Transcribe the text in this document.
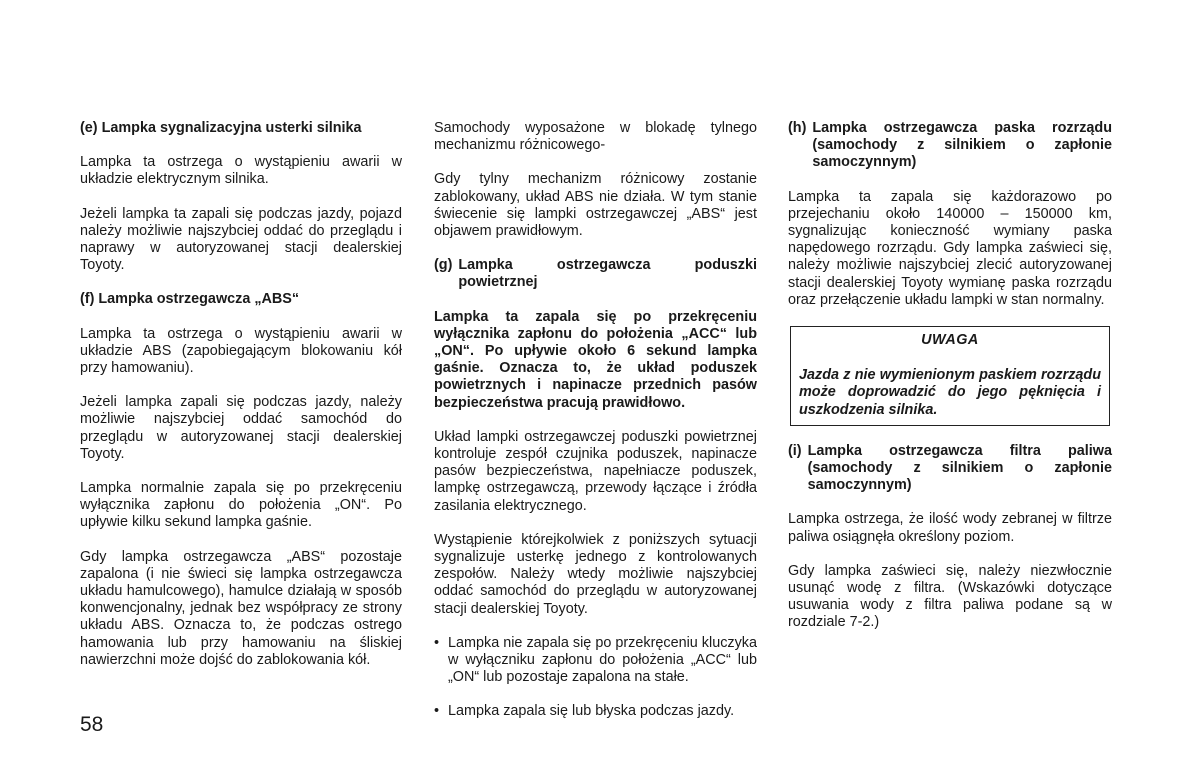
(e) Lampka sygnalizacyjna usterki silnika

Lampka ta ostrzega o wystąpieniu awarii w układzie elektrycznym silnika.

Jeżeli lampka ta zapali się podczas jazdy, pojazd należy możliwie najszybciej oddać do przeglądu i naprawy w autoryzowanej stacji dealerskiej Toyoty.

(f) Lampka ostrzegawcza „ABS“

Lampka ta ostrzega o wystąpieniu awarii w układzie ABS (zapobiegającym blokowaniu kół przy hamowaniu).

Jeżeli lampka zapali się podczas jazdy, należy możliwie najszybciej oddać samochód do przeglądu w autoryzowanej stacji dealerskiej Toyoty.

Lampka normalnie zapala się po przekręceniu wyłącznika zapłonu do położenia „ON“. Po upływie kilku sekund lampka gaśnie.

Gdy lampka ostrzegawcza „ABS“ pozostaje zapalona (i nie świeci się lampka ostrzegawcza układu hamulcowego), hamulce działają w sposób konwencjonalny, jednak bez współpracy ze strony układu ABS. Oznacza to, że podczas ostrego hamowania lub przy hamowaniu na śliskiej nawierzchni może dojść do zablokowania kół.

Samochody wyposażone w blokadę tylnego mechanizmu różnicowego-

Gdy tylny mechanizm różnicowy zostanie zablokowany, układ ABS nie działa. W tym stanie świecenie się lampki ostrzegawczej „ABS“ jest objawem prawidłowym.

(g) Lampka ostrzegawcza poduszki powietrznej

Lampka ta zapala się po przekręceniu wyłącznika zapłonu do położenia „ACC“ lub „ON“. Po upływie około 6 sekund lampka gaśnie. Oznacza to, że układ poduszek powietrznych i napinacze przednich pasów bezpieczeństwa pracują prawidłowo.

Układ lampki ostrzegawczej poduszki powietrznej kontroluje zespół czujnika poduszek, napinacze pasów bezpieczeństwa, napełniacze poduszek, lampkę ostrzegawczą, przewody łączące i źródła zasilania elektrycznego.

Wystąpienie którejkolwiek z poniższych sytuacji sygnalizuje usterkę jednego z kontrolowanych zespołów. Należy wtedy możliwie najszybciej oddać samochód do przeglądu w autoryzowanej stacji dealerskiej Toyoty.

• Lampka nie zapala się po przekręceniu kluczyka w wyłączniku zapłonu do położenia „ACC“ lub „ON“ lub pozostaje zapalona na stałe.
• Lampka zapala się lub błyska podczas jazdy.
(h) Lampka ostrzegawcza paska rozrządu (samochody z silnikiem o zapłonie samoczynnym)

Lampka ta zapala się każdorazowo po przejechaniu około 140000 – 150000 km, sygnalizując konieczność wymiany paska napędowego rozrządu. Gdy lampka zaświeci się, należy możliwie najszybciej zlecić autoryzowanej stacji dealerskiej Toyoty wymianę paska rozrządu oraz przełączenie układu lampki w stan normalny.

UWAGA
Jazda z nie wymienionym paskiem rozrządu może doprowadzić do jego pęknięcia i uszkodzenia silnika.
(i) Lampka ostrzegawcza filtra paliwa (samochody z silnikiem o zapłonie samoczynnym)

Lampka ostrzega, że ilość wody zebranej w filtrze paliwa osiągnęła określony poziom.

Gdy lampka zaświeci się, należy niezwłocznie usunąć wodę z filtra. (Wskazówki dotyczące usuwania wody z filtra paliwa podane są w rozdziale 7-2.)

58
